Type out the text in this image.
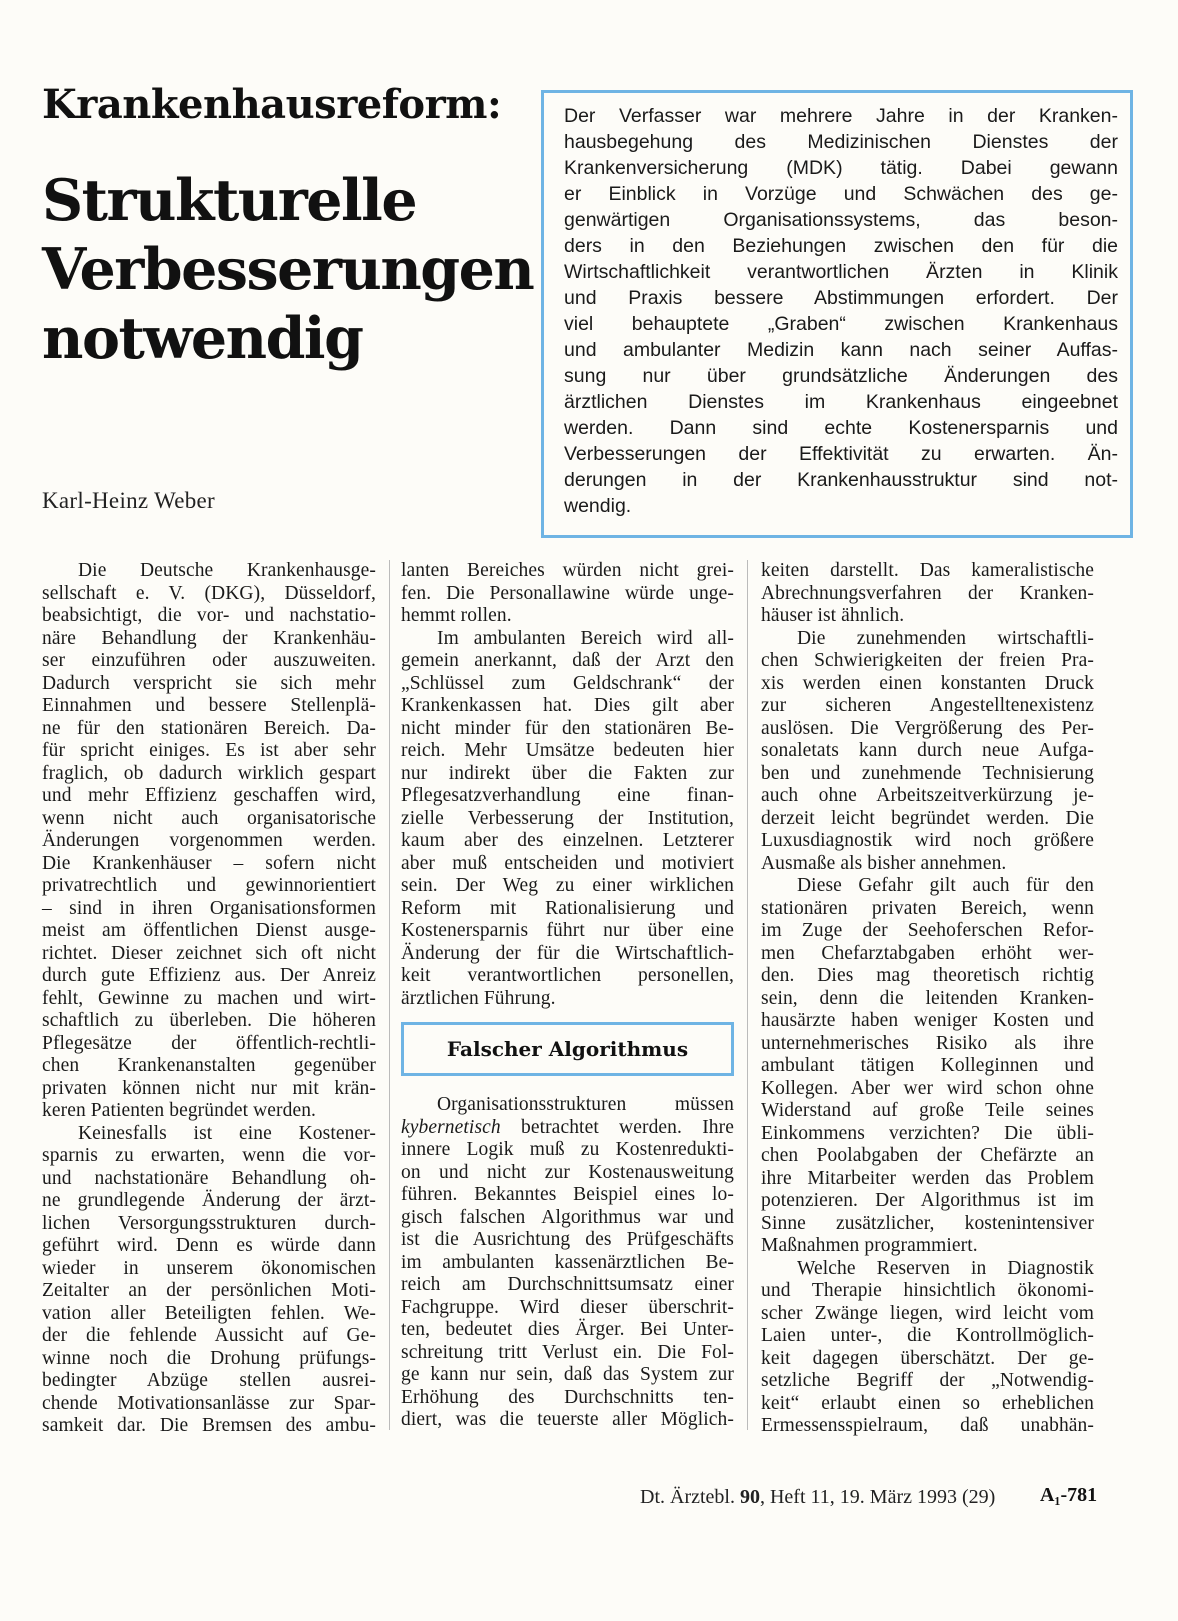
Krankenhausreform:
Strukturelle
Verbesserungen
notwendig
Karl-Heinz Weber
Der Verfasser war mehrere Jahre in der Kranken-
hausbegehung des Medizinischen Dienstes der
Krankenversicherung (MDK) tätig. Dabei gewann
er Einblick in Vorzüge und Schwächen des ge-
genwärtigen Organisationssystems, das beson-
ders in den Beziehungen zwischen den für die
Wirtschaftlichkeit verantwortlichen Ärzten in Klinik
und Praxis bessere Abstimmungen erfordert. Der
viel behauptete „Graben“ zwischen Krankenhaus
und ambulanter Medizin kann nach seiner Auffas-
sung nur über grundsätzliche Änderungen des
ärztlichen Dienstes im Krankenhaus eingeebnet
werden. Dann sind echte Kostenersparnis und
Verbesserungen der Effektivität zu erwarten. Än-
derungen in der Krankenhausstruktur sind not-
wendig.
Die Deutsche Krankenhausge-
sellschaft e. V. (DKG), Düsseldorf,
beabsichtigt, die vor- und nachstatio-
näre Behandlung der Krankenhäu-
ser einzuführen oder auszuweiten.
Dadurch verspricht sie sich mehr
Einnahmen und bessere Stellenplä-
ne für den stationären Bereich. Da-
für spricht einiges. Es ist aber sehr
fraglich, ob dadurch wirklich gespart
und mehr Effizienz geschaffen wird,
wenn nicht auch organisatorische
Änderungen vorgenommen werden.
Die Krankenhäuser – sofern nicht
privatrechtlich und gewinnorientiert
– sind in ihren Organisationsformen
meist am öffentlichen Dienst ausge-
richtet. Dieser zeichnet sich oft nicht
durch gute Effizienz aus. Der Anreiz
fehlt, Gewinne zu machen und wirt-
schaftlich zu überleben. Die höheren
Pflegesätze der öffentlich-rechtli-
chen Krankenanstalten gegenüber
privaten können nicht nur mit krän-
keren Patienten begründet werden.
Keinesfalls ist eine Kostener-
sparnis zu erwarten, wenn die vor-
und nachstationäre Behandlung oh-
ne grundlegende Änderung der ärzt-
lichen Versorgungsstrukturen durch-
geführt wird. Denn es würde dann
wieder in unserem ökonomischen
Zeitalter an der persönlichen Moti-
vation aller Beteiligten fehlen. We-
der die fehlende Aussicht auf Ge-
winne noch die Drohung prüfungs-
bedingter Abzüge stellen ausrei-
chende Motivationsanlässe zur Spar-
samkeit dar. Die Bremsen des ambu-
lanten Bereiches würden nicht grei-
fen. Die Personallawine würde unge-
hemmt rollen.
Im ambulanten Bereich wird all-
gemein anerkannt, daß der Arzt den
„Schlüssel zum Geldschrank“ der
Krankenkassen hat. Dies gilt aber
nicht minder für den stationären Be-
reich. Mehr Umsätze bedeuten hier
nur indirekt über die Fakten zur
Pflegesatzverhandlung eine finan-
zielle Verbesserung der Institution,
kaum aber des einzelnen. Letzterer
aber muß entscheiden und motiviert
sein. Der Weg zu einer wirklichen
Reform mit Rationalisierung und
Kostenersparnis führt nur über eine
Änderung der für die Wirtschaftlich-
keit verantwortlichen personellen,
ärztlichen Führung.
Falscher Algorithmus
Organisationsstrukturen müssen
kybernetisch betrachtet werden. Ihre
innere Logik muß zu Kostenredukti-
on und nicht zur Kostenausweitung
führen. Bekanntes Beispiel eines lo-
gisch falschen Algorithmus war und
ist die Ausrichtung des Prüfgeschäfts
im ambulanten kassenärztlichen Be-
reich am Durchschnittsumsatz einer
Fachgruppe. Wird dieser überschrit-
ten, bedeutet dies Ärger. Bei Unter-
schreitung tritt Verlust ein. Die Fol-
ge kann nur sein, daß das System zur
Erhöhung des Durchschnitts ten-
diert, was die teuerste aller Möglich-
keiten darstellt. Das kameralistische
Abrechnungsverfahren der Kranken-
häuser ist ähnlich.
Die zunehmenden wirtschaftli-
chen Schwierigkeiten der freien Pra-
xis werden einen konstanten Druck
zur sicheren Angestelltenexistenz
auslösen. Die Vergrößerung des Per-
sonaletats kann durch neue Aufga-
ben und zunehmende Technisierung
auch ohne Arbeitszeitverkürzung je-
derzeit leicht begründet werden. Die
Luxusdiagnostik wird noch größere
Ausmaße als bisher annehmen.
Diese Gefahr gilt auch für den
stationären privaten Bereich, wenn
im Zuge der Seehoferschen Refor-
men Chefarztabgaben erhöht wer-
den. Dies mag theoretisch richtig
sein, denn die leitenden Kranken-
hausärzte haben weniger Kosten und
unternehmerisches Risiko als ihre
ambulant tätigen Kolleginnen und
Kollegen. Aber wer wird schon ohne
Widerstand auf große Teile seines
Einkommens verzichten? Die übli-
chen Poolabgaben der Chefärzte an
ihre Mitarbeiter werden das Problem
potenzieren. Der Algorithmus ist im
Sinne zusätzlicher, kostenintensiver
Maßnahmen programmiert.
Welche Reserven in Diagnostik
und Therapie hinsichtlich ökonomi-
scher Zwänge liegen, wird leicht vom
Laien unter-, die Kontrollmöglich-
keit dagegen überschätzt. Der ge-
setzliche Begriff der „Notwendig-
keit“ erlaubt einen so erheblichen
Ermessensspielraum, daß unabhän-
Dt. Ärztebl. 90, Heft 11, 19. März 1993 (29) A₁-781
